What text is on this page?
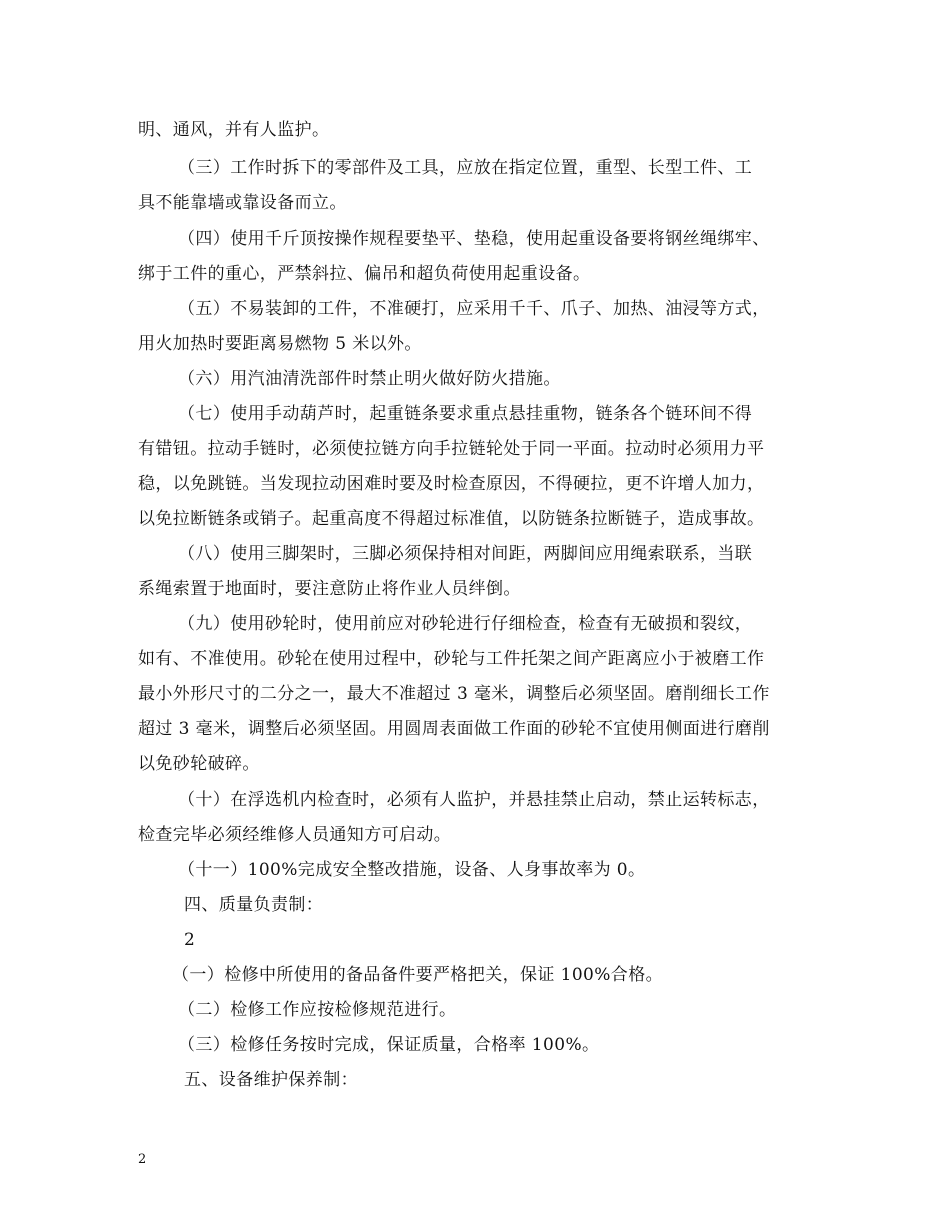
明、通风，并有人监护。
（三）工作时拆下的零部件及工具，应放在指定位置，重型、长型工件、工
具不能靠墙或靠设备而立。
（四）使用千斤顶按操作规程要垫平、垫稳，使用起重设备要将钢丝绳绑牢、
绑于工件的重心，严禁斜拉、偏吊和超负荷使用起重设备。
（五）不易装卸的工件，不准硬打，应采用千千、爪子、加热、油浸等方式，
用火加热时要距离易燃物 5 米以外。
（六）用汽油清洗部件时禁止明火做好防火措施。
（七）使用手动葫芦时，起重链条要求重点悬挂重物，链条各个链环间不得
有错钮。拉动手链时，必须使拉链方向手拉链轮处于同一平面。拉动时必须用力平
稳，以免跳链。当发现拉动困难时要及时检查原因，不得硬拉，更不许增人加力，
以免拉断链条或销子。起重高度不得超过标准值，以防链条拉断链子，造成事故。
（八）使用三脚架时，三脚必须保持相对间距，两脚间应用绳索联系，当联
系绳索置于地面时，要注意防止将作业人员绊倒。
（九）使用砂轮时，使用前应对砂轮进行仔细检查，检查有无破损和裂纹，
如有、不准使用。砂轮在使用过程中，砂轮与工件托架之间产距离应小于被磨工作
最小外形尺寸的二分之一，最大不准超过 3 毫米，调整后必须坚固。磨削细长工作
超过 3 毫米，调整后必须坚固。用圆周表面做工作面的砂轮不宜使用侧面进行磨削
以免砂轮破碎。
（十）在浮选机内检查时，必须有人监护，并悬挂禁止启动，禁止运转标志，
检查完毕必须经维修人员通知方可启动。
（十一）100%完成安全整改措施，设备、人身事故率为 0。
四、质量负责制：
2
（一）检修中所使用的备品备件要严格把关，保证 100%合格。
（二）检修工作应按检修规范进行。
（三）检修任务按时完成，保证质量，合格率 100%。
五、设备维护保养制：
2
